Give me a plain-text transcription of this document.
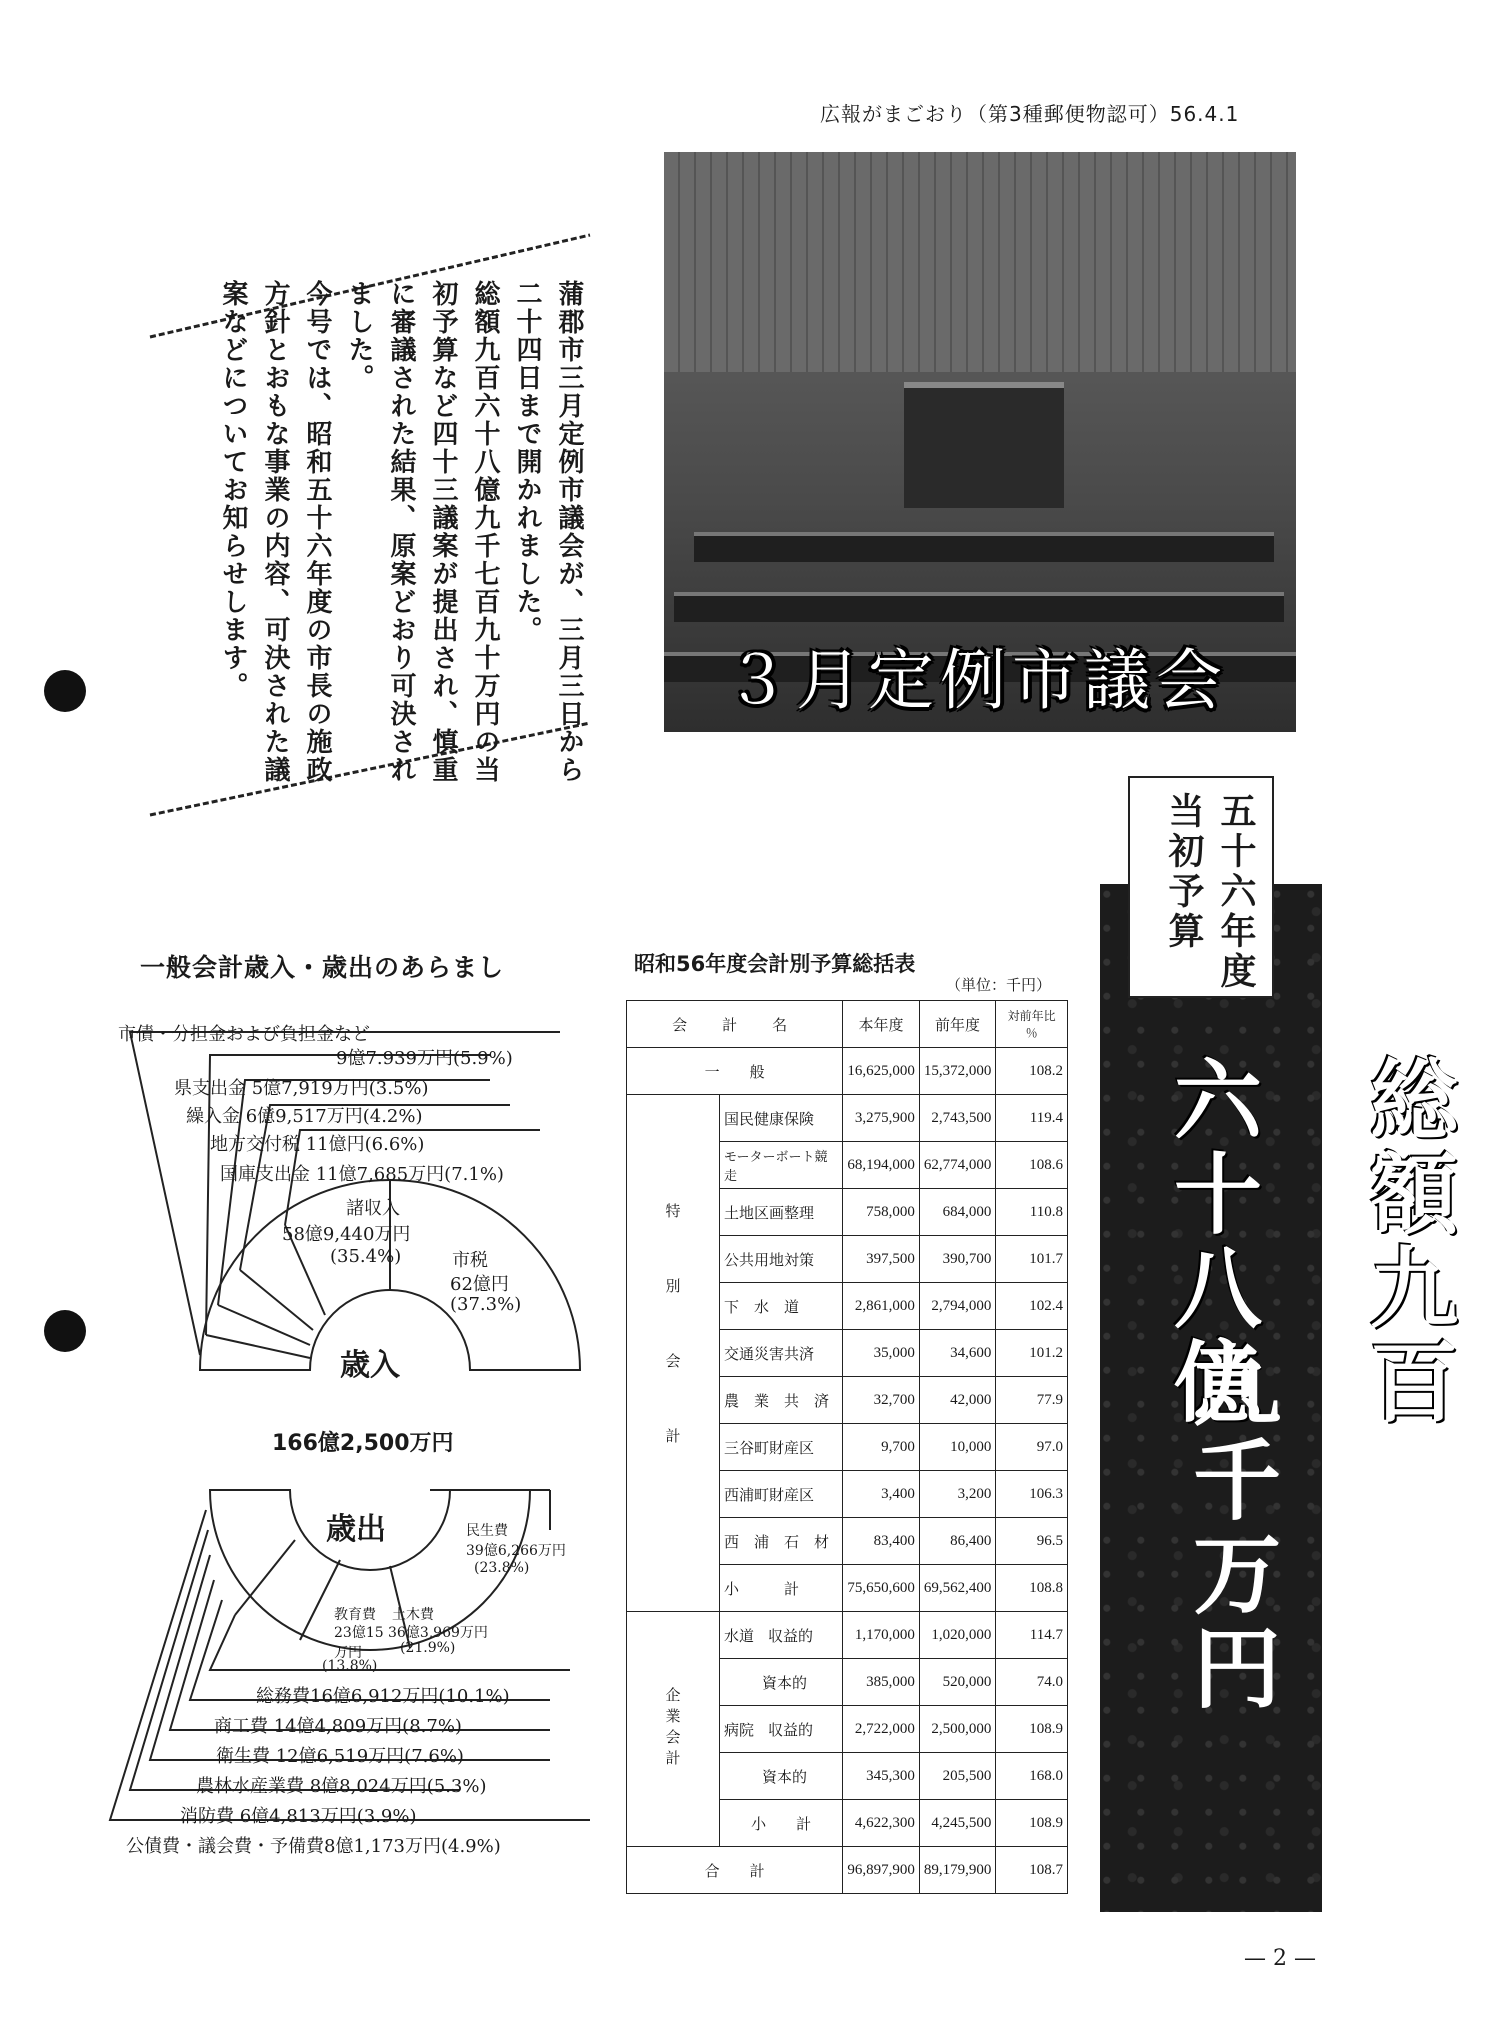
広報がまごおり（第3種郵便物認可）56.4.1
３月定例市議会
蒲郡市三月定例市議会が、三月三日から
二十四日まで開かれました。
総額九百六十八億九千七百九十万円の当
初予算など四十三議案が提出され、慎重
に審議された結果、原案どおり可決され
ました。
今号では、昭和五十六年度の市長の施政
方針とおもな事業の内容、可決された議
案などについてお知らせします。
総額九百
六十八億
九千万円
五十六年度
当初予算
一般会計歳入・歳出のあらまし
市債・分担金および負担金など
9億7.939万円(5.9%)
県支出金 5億7,919万円(3.5%)
繰入金 6億9,517万円(4.2%)
地方交付税 11億円(6.6%)
国庫支出金 11億7,685万円(7.1%)
諸収入
58億9,440万円
(35.4%)	市税
62億円
(37.3%)
歳入
166億2,500万円
歳出	民生費
39億6,266万円
(23.8%)
土木費
36億3,969万円
(21.9%)
教育費
23億15万円
(13.8%)
総務費16億6,912万円(10.1%)
商工費 14億4,809万円(8.7%)
衛生費 12億6,519万円(7.6%)
農林水産業費 8億8,024万円(5.3%)
消防費 6億4,813万円(3.9%)
公債費・議会費・予備費8億1,173万円(4.9%)
昭和56年度会計別予算総括表
（単位：千円）
会　計　名		本年度	前年度	対前年比 ％
一　　般		16,625,000	15,372,000	108.2
特別会計	国民健康保険	3,275,900	2,743,500	119.4
	モーターボート競走	68,194,000	62,774,000	108.6
	土地区画整理	758,000	684,000	110.8
	公共用地対策	397,500	390,700	101.7
	下　水　道	2,861,000	2,794,000	102.4
	交通災害共済	35,000	34,600	101.2
	農　業　共　済	32,700	42,000	77.9
	三谷町財産区	9,700	10,000	97.0
	西浦町財産区	3,400	3,200	106.3
	西　浦　石　材	83,400	86,400	96.5
	小　　　計	75,650,600	69,562,400	108.8
企業会計	水道 収益的	1,170,000	1,020,000	114.7
	資本的	385,000	520,000	74.0
	病院 収益的	2,722,000	2,500,000	108.9
	資本的	345,300	205,500	168.0
	小　　計	4,622,300	4,245,500	108.9
合　　計		96,897,900	89,179,900	108.7
— 2 —
